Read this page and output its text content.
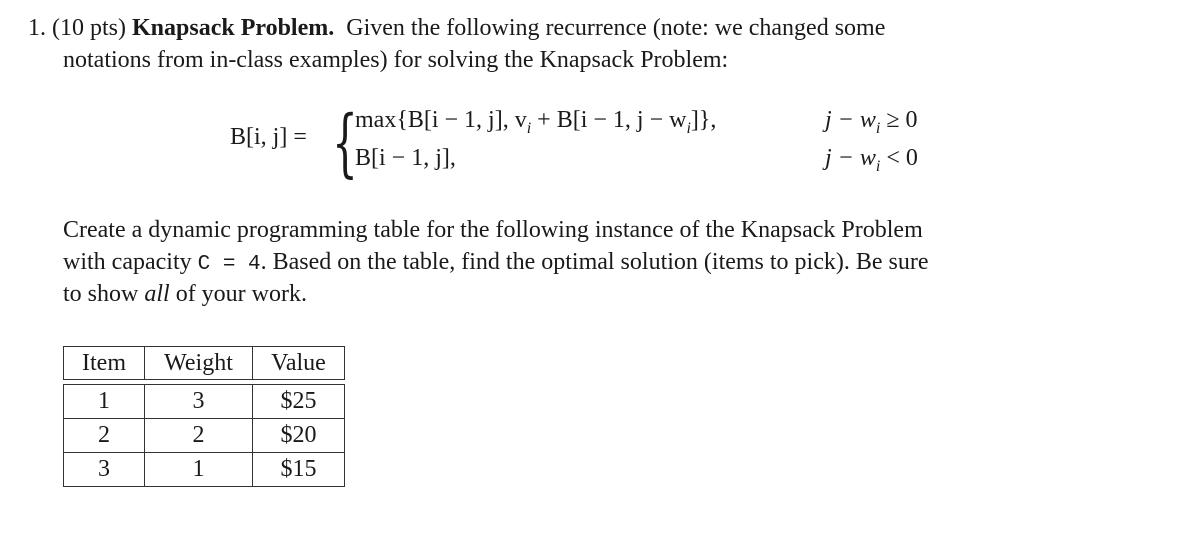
1. (10 pts) Knapsack Problem. Given the following recurrence (note: we changed some
notations from in-class examples) for solving the Knapsack Problem:
B[i, j] = {
max{B[i − 1, j], $v_i + B[i - 1$, $j - w_i$]},	$j - w_i \ge 0$
B[i − 1, j],	$j - w_i < 0$
Create a dynamic programming table for the following instance of the Knapsack Problem
with capacity C = 4. Based on the table, find the optimal solution (items to pick). Be sure
to show all of your work.
Item	Weight	Value

1	3	$25
2	2	$20
3	1	$15
